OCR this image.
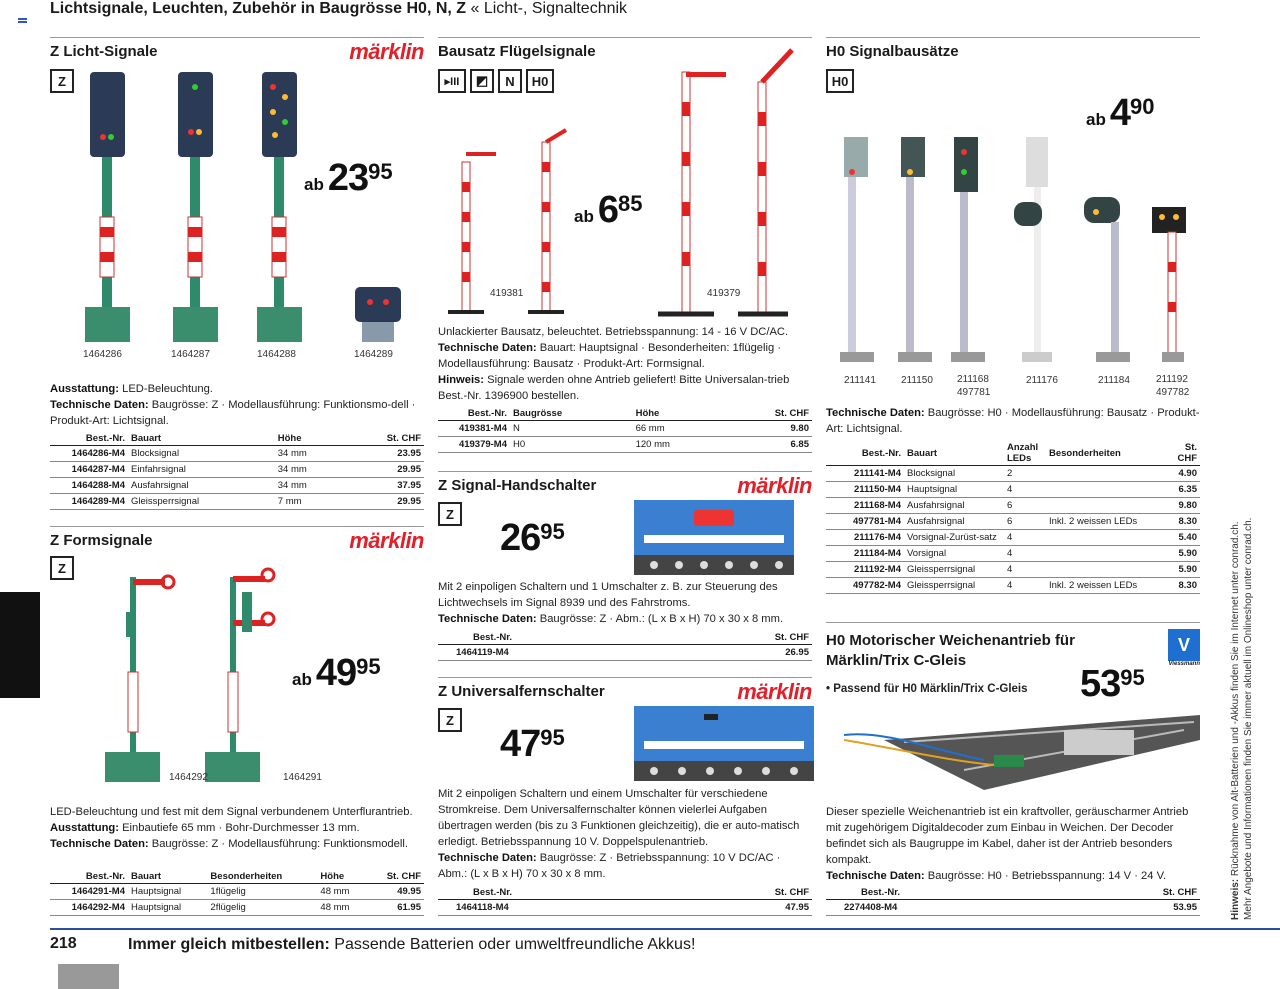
Lichtsignale, Leuchten, Zubehör in Baugrösse H0, N, Z « Licht-, Signaltechnik
Z Licht-Signale	märklin
Z
1464286	1464287	1464288	1464289
ab 2395
Ausstattung: LED-Beleuchtung.
Technische Daten: Baugrösse: Z · Modellausführung: Funktionsmo-dell · Produkt-Art: Lichtsignal.
Best.-Nr.	Bauart	Höhe	St. CHF
1464286-M4	Blocksignal	34 mm	23.95
1464287-M4	Einfahrsignal	34 mm	29.95
1464288-M4	Ausfahrsignal	34 mm	37.95
1464289-M4	Gleissperrsignal	7 mm	29.95
Z Formsignale	märklin
Z
1464292	1464291
ab 4995
LED-Beleuchtung und fest mit dem Signal verbundenem Unterflurantrieb.
Ausstattung: Einbautiefe 65 mm · Bohr-Durchmesser 13 mm.
Technische Daten: Baugrösse: Z · Modellausführung: Funktionsmodell.
Best.-Nr.	Bauart	Besonderheiten	Höhe	St. CHF
1464291-M4	Hauptsignal	1flügelig	48 mm	49.95
1464292-M4	Hauptsignal	2flügelig	48 mm	61.95
Bausatz Flügelsignale
▸III	◩	N	H0
419381	419379
ab 685
Unlackierter Bausatz, beleuchtet. Betriebsspannung: 14 - 16 V DC/AC.
Technische Daten: Bauart: Hauptsignal · Besonderheiten: 1flügelig · Modellausführung: Bausatz · Produkt-Art: Formsignal.
Hinweis: Signale werden ohne Antrieb geliefert! Bitte Universalan-trieb Best.-Nr. 1396900 bestellen.
Best.-Nr.	Baugrösse	Höhe	St. CHF
419381-M4	N	66 mm	9.80
419379-M4	H0	120 mm	6.85
Z Signal-Handschalter	märklin
Z
2695
Mit 2 einpoligen Schaltern und 1 Umschalter z. B. zur Steuerung des Lichtwechsels im Signal 8939 und des Fahrstroms.
Technische Daten: Baugrösse: Z · Abm.: (L x B x H) 70 x 30 x 8 mm.
Best.-Nr.	St. CHF
1464119-M4	26.95
Z Universalfernschalter	märklin
Z
4795
Mit 2 einpoligen Schaltern und einem Umschalter für verschiedene Stromkreise. Dem Universalfernschalter können vielerlei Aufgaben übertragen werden (bis zu 3 Funktionen gleichzeitig), die er auto-matisch erledigt. Betriebsspannung 10 V. Doppelspulenantrieb.
Technische Daten: Baugrösse: Z · Betriebsspannung: 10 V DC/AC · Abm.: (L x B x H) 70 x 30 x 8 mm.
Best.-Nr.	St. CHF
1464118-M4	47.95
H0 Signalbausätze
H0
ab 490
211141	211150 211168
497781
211176	211184	211192
497782
Technische Daten: Baugrösse: H0 · Modellausführung: Bausatz · Produkt-Art: Lichtsignal.
Best.-Nr.	Bauart	Anzahl LEDs	Besonderheiten	St. CHF
211141-M4	Blocksignal	2		4.90
211150-M4	Hauptsignal	4		6.35
211168-M4	Ausfahrsignal	6		9.80
497781-M4	Ausfahrsignal	6	Inkl. 2 weissen LEDs	8.30
211176-M4	Vorsignal-Zurüst-satz	4		5.40
211184-M4	Vorsignal	4		5.90
211192-M4	Gleissperrsignal	4		5.90
497782-M4	Gleissperrsignal	4	Inkl. 2 weissen LEDs	8.30
H0 Motorischer Weichenantrieb für
Märklin/Trix C-Gleis
V
Viessmann
• Passend für H0 Märklin/Trix C-Gleis 5395
Dieser spezielle Weichenantrieb ist ein kraftvoller, geräuscharmer Antrieb mit zugehörigem Digitaldecoder zum Einbau in Weichen. Der Decoder befindet sich als Baugruppe im Kabel, daher ist der Antrieb besonders kompakt.
Technische Daten: Baugrösse: H0 · Betriebsspannung: 14 V · 24 V.
Best.-Nr.	St. CHF
2274408-M4	53.95	Hinweis: Rücknahme von Alt-Batterien und -Akkus finden Sie im Internet unter conrad.ch. Mehr Angebote und Informationen finden Sie immer aktuell im Onlineshop unter conrad.ch.
218	Immer gleich mitbestellen: Passende Batterien oder umweltfreundliche Akkus!
